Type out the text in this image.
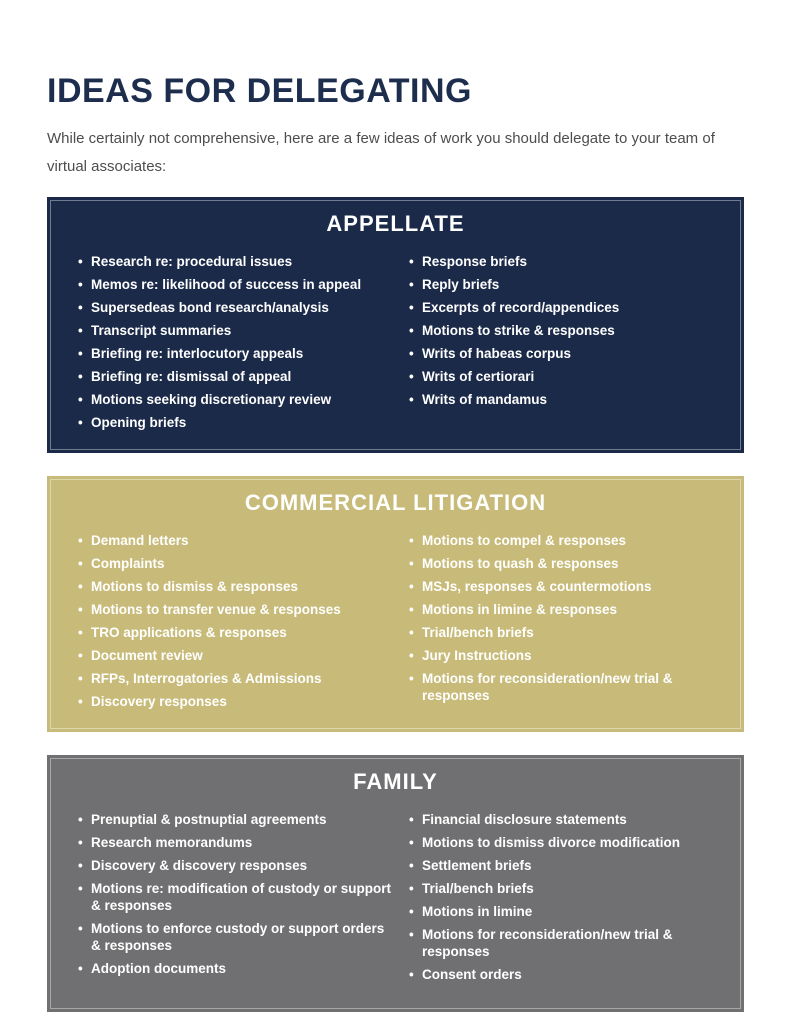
IDEAS FOR DELEGATING

While certainly not comprehensive, here are a few ideas of work you should delegate to your team of virtual associates:

APPELLATE
• Research re: procedural issues
• Memos re: likelihood of success in appeal
• Supersedeas bond research/analysis
• Transcript summaries
• Briefing re: interlocutory appeals
• Briefing re: dismissal of appeal
• Motions seeking discretionary review
• Opening briefs
• Response briefs
• Reply briefs
• Excerpts of record/appendices
• Motions to strike & responses
• Writs of habeas corpus
• Writs of certiorari
• Writs of mandamus
COMMERCIAL LITIGATION
• Demand letters
• Complaints
• Motions to dismiss & responses
• Motions to transfer venue & responses
• TRO applications & responses
• Document review
• RFPs, Interrogatories & Admissions
• Discovery responses
• Motions to compel & responses
• Motions to quash & responses
• MSJs, responses & countermotions
• Motions in limine & responses
• Trial/bench briefs
• Jury Instructions
• Motions for reconsideration/new trial & responses
FAMILY
• Prenuptial & postnuptial agreements
• Research memorandums
• Discovery & discovery responses
• Motions re: modification of custody or support & responses
• Motions to enforce custody or support orders & responses
• Adoption documents
• Financial disclosure statements
• Motions to dismiss divorce modification
• Settlement briefs
• Trial/bench briefs
• Motions in limine
• Motions for reconsideration/new trial & responses
• Consent orders
